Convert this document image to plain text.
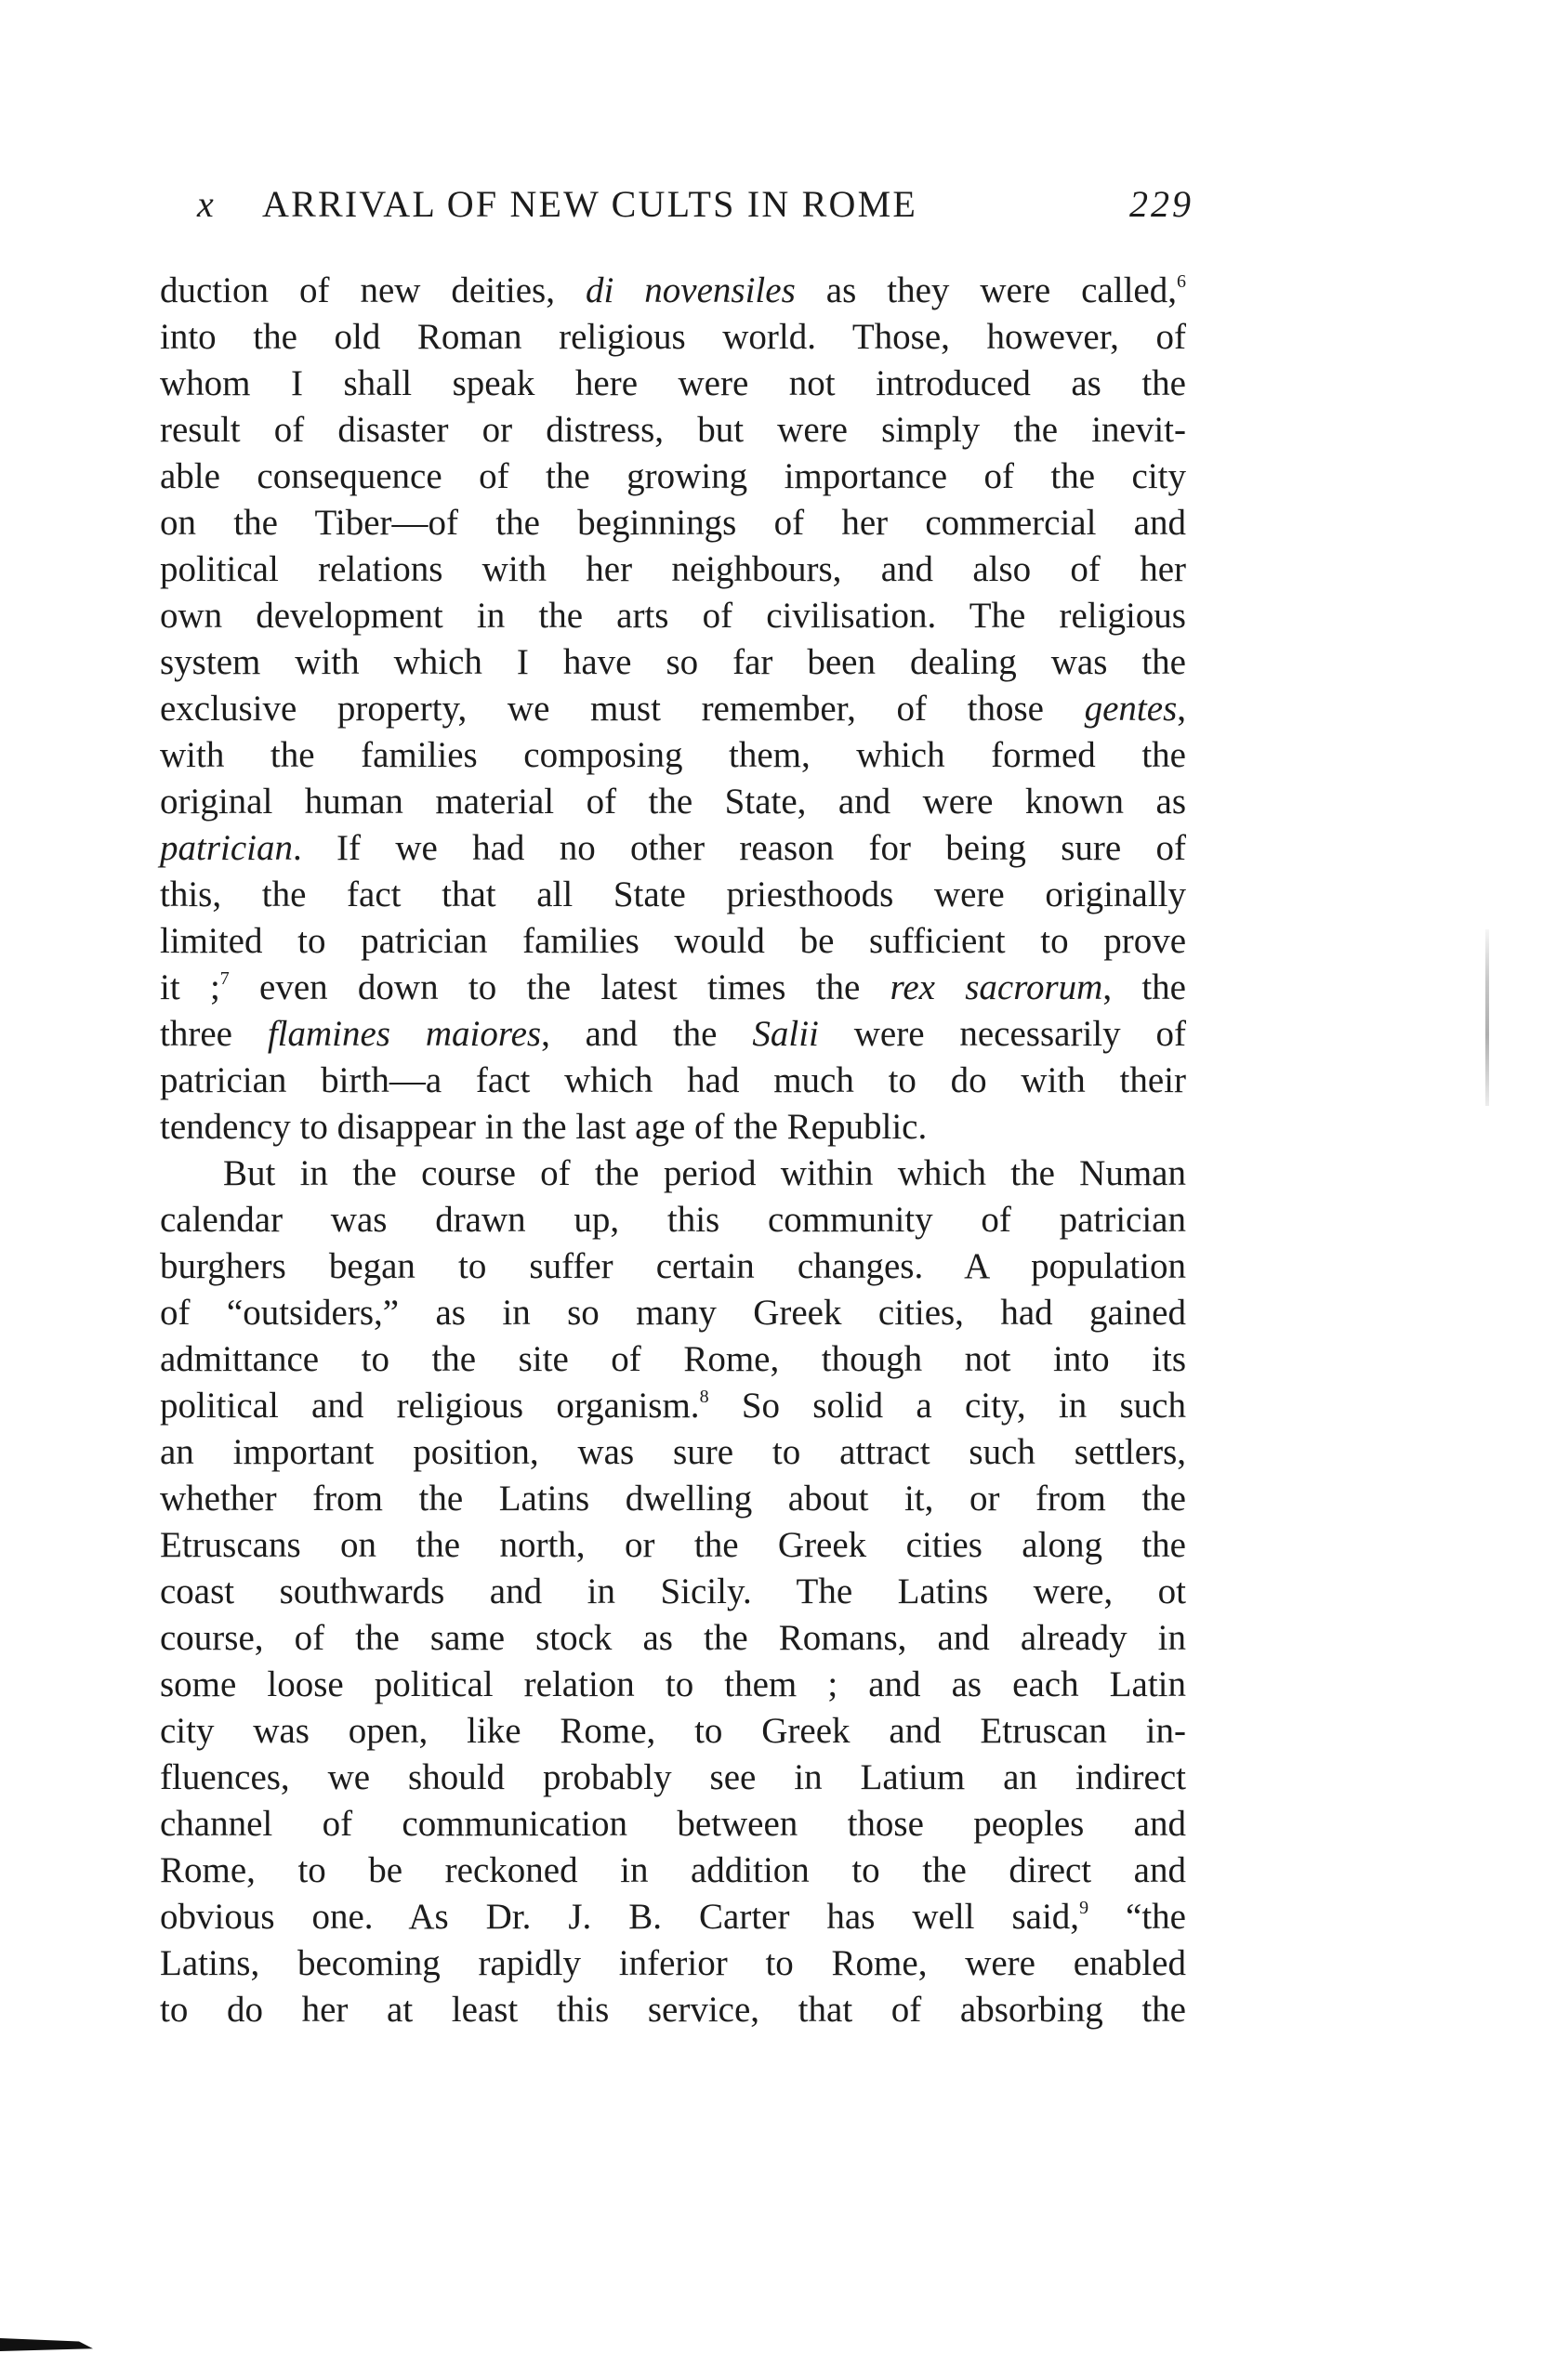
x ARRIVAL OF NEW CULTS IN ROME	229
duction of new deities, di novensiles as they were called,$^6$
into the old Roman religious world. Those, however, of
whom I shall speak here were not introduced as the
result of disaster or distress, but were simply the inevit-
able consequence of the growing importance of the city
on the Tiber—of the beginnings of her commercial and
political relations with her neighbours, and also of her
own development in the arts of civilisation. The religious
system with which I have so far been dealing was the
exclusive property, we must remember, of those gentes,
with the families composing them, which formed the
original human material of the State, and were known as
patrician. If we had no other reason for being sure of
this, the fact that all State priesthoods were originally
limited to patrician families would be sufficient to prove
it ;$^7$ even down to the latest times the rex sacrorum, the
three flamines maiores, and the Salii were necessarily of
patrician birth—a fact which had much to do with their
tendency to disappear in the last age of the Republic.
But in the course of the period within which the Numan
calendar was drawn up, this community of patrician
burghers began to suffer certain changes. A population
of “outsiders,” as in so many Greek cities, had gained
admittance to the site of Rome, though not into its
political and religious organism.$^8$ So solid a city, in such
an important position, was sure to attract such settlers,
whether from the Latins dwelling about it, or from the
Etruscans on the north, or the Greek cities along the
coast southwards and in Sicily. The Latins were, ot
course, of the same stock as the Romans, and already in
some loose political relation to them ; and as each Latin
city was open, like Rome, to Greek and Etruscan in-
fluences, we should probably see in Latium an indirect
channel of communication between those peoples and
Rome, to be reckoned in addition to the direct and
obvious one. As Dr. J. B. Carter has well said,$^9$ “the
Latins, becoming rapidly inferior to Rome, were enabled
to do her at least this service, that of absorbing the
